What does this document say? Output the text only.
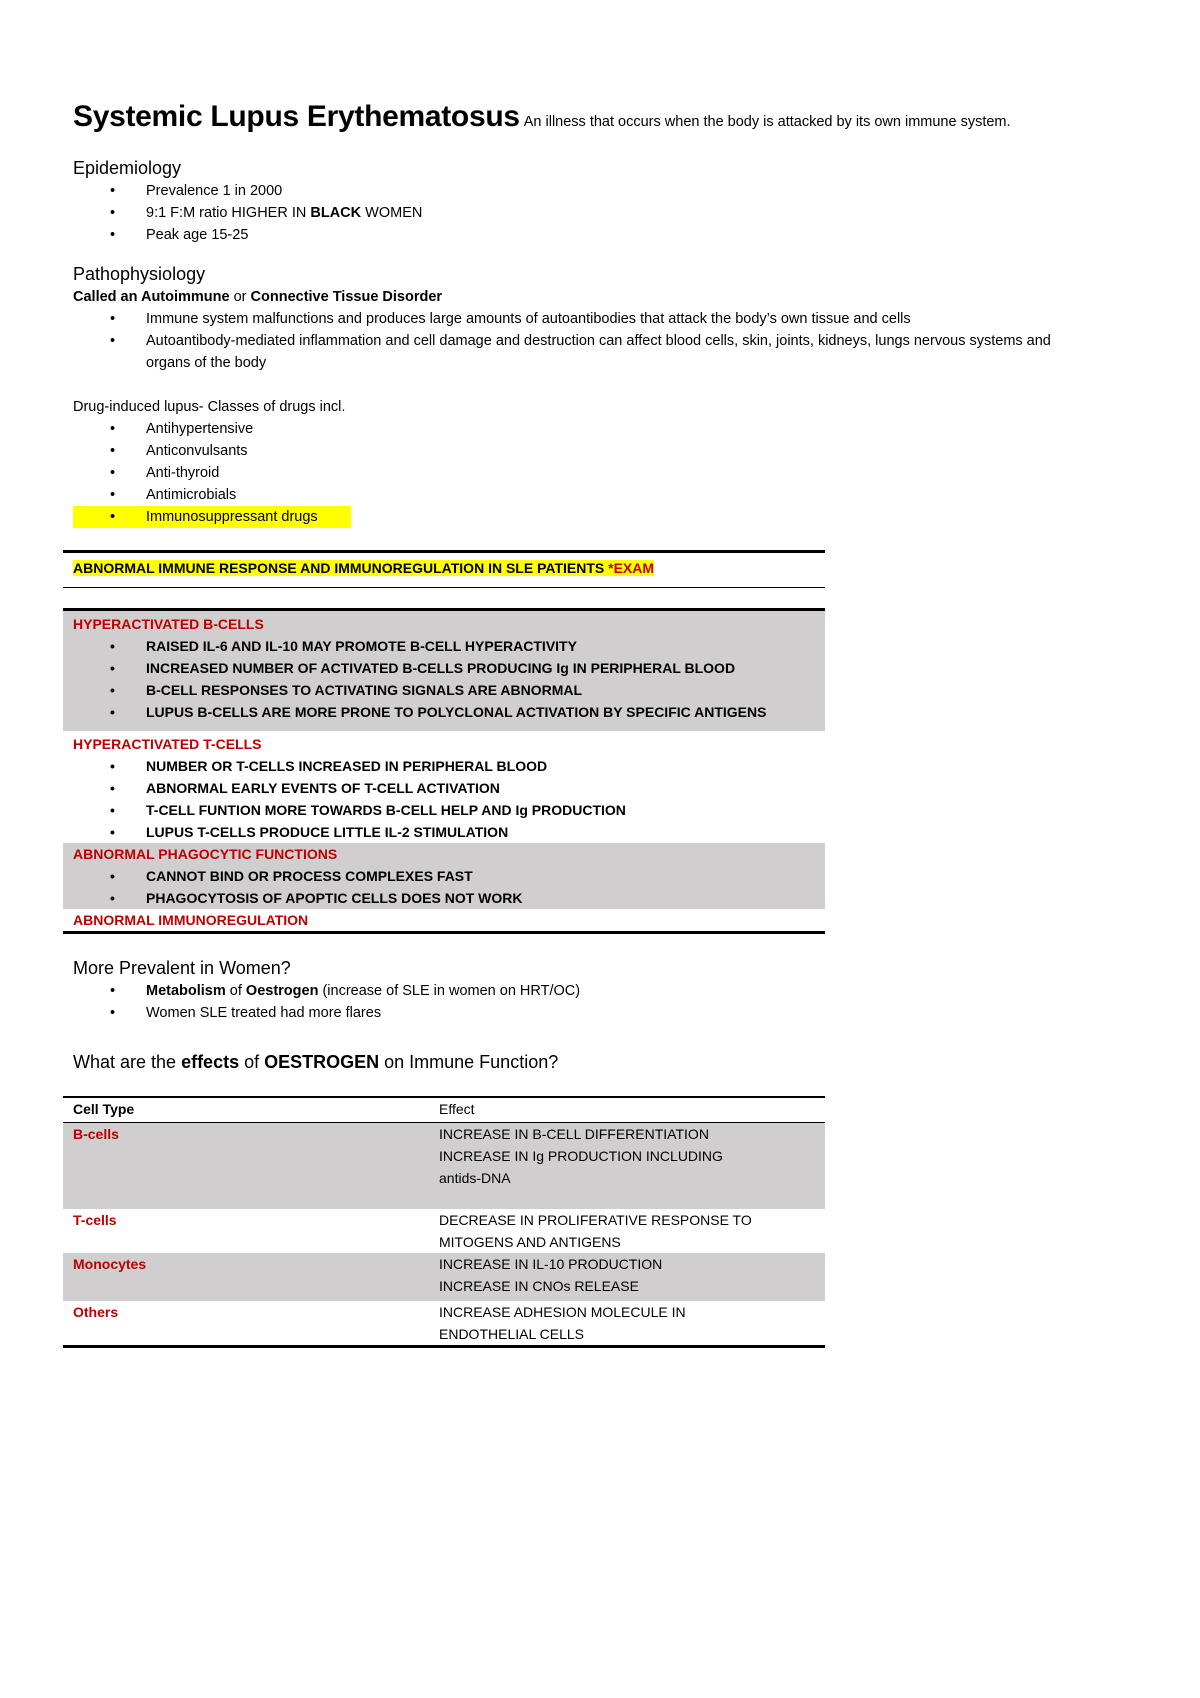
Systemic Lupus Erythematosus An illness that occurs when the body is attacked by its own immune system.
Epidemiology
• Prevalence 1 in 2000
• 9:1 F:M ratio HIGHER IN BLACK WOMEN
• Peak age 15-25
Pathophysiology
Called an Autoimmune or Connective Tissue Disorder
• Immune system malfunctions and produces large amounts of autoantibodies that attack the body’s own tissue and cells
• Autoantibody-mediated inflammation and cell damage and destruction can affect blood cells, skin, joints, kidneys, lungs nervous systems and organs of the body
Drug-induced lupus- Classes of drugs incl.
• Antihypertensive
• Anticonvulsants
• Anti-thyroid
• Antimicrobials
• Immunosuppressant drugs
ABNORMAL IMMUNE RESPONSE AND IMMUNOREGULATION IN SLE PATIENTS *EXAM
HYPERACTIVATED B-CELLS
• RAISED IL-6 AND IL-10 MAY PROMOTE B-CELL HYPERACTIVITY
• INCREASED NUMBER OF ACTIVATED B-CELLS PRODUCING Ig IN PERIPHERAL BLOOD
• B-CELL RESPONSES TO ACTIVATING SIGNALS ARE ABNORMAL
• LUPUS B-CELLS ARE MORE PRONE TO POLYCLONAL ACTIVATION BY SPECIFIC ANTIGENS
HYPERACTIVATED T-CELLS
• NUMBER OR T-CELLS INCREASED IN PERIPHERAL BLOOD
• ABNORMAL EARLY EVENTS OF T-CELL ACTIVATION
• T-CELL FUNTION MORE TOWARDS B-CELL HELP AND Ig PRODUCTION
• LUPUS T-CELLS PRODUCE LITTLE IL-2 STIMULATION
ABNORMAL PHAGOCYTIC FUNCTIONS
• CANNOT BIND OR PROCESS COMPLEXES FAST
• PHAGOCYTOSIS OF APOPTIC CELLS DOES NOT WORK
ABNORMAL IMMUNOREGULATION
More Prevalent in Women?
• Metabolism of Oestrogen (increase of SLE in women on HRT/OC)
• Women SLE treated had more flares
What are the effects of OESTROGEN on Immune Function?
Cell Type	Effect
B-cells	INCREASE IN B-CELL DIFFERENTIATION
INCREASE IN Ig PRODUCTION INCLUDING
antids-DNA

T-cells	DECREASE IN PROLIFERATIVE RESPONSE TO
MITOGENS AND ANTIGENS

Monocytes	INCREASE IN IL-10 PRODUCTION
INCREASE IN CNOs RELEASE

Others	INCREASE ADHESION MOLECULE IN
ENDOTHELIAL CELLS
